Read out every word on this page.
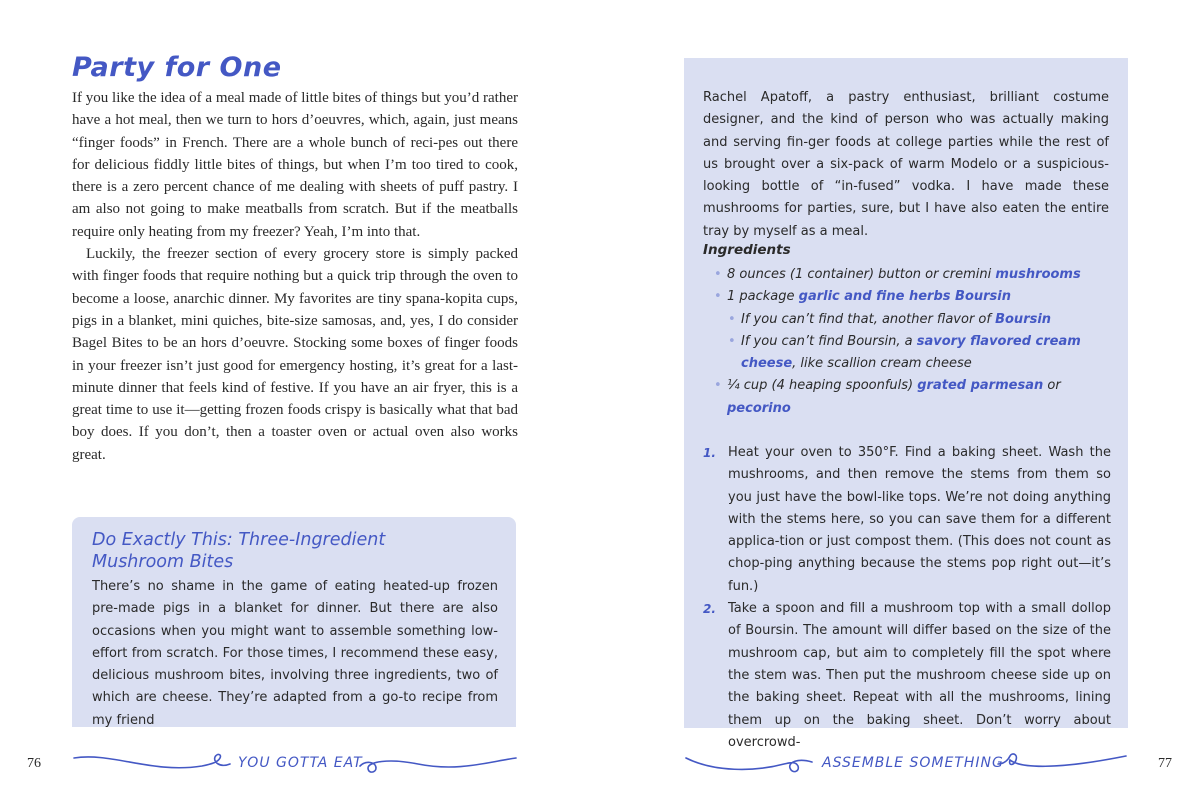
Party for One

If you like the idea of a meal made of little bites of things but you’d rather have a hot meal, then we turn to hors d’oeuvres, which, again, just means “finger foods” in French. There are a whole bunch of reci-pes out there for delicious fiddly little bites of things, but when I’m too tired to cook, there is a zero percent chance of me dealing with sheets of puff pastry. I am also not going to make meatballs from scratch. But if the meatballs require only heating from my freezer? Yeah, I’m into that.

Luckily, the freezer section of every grocery store is simply packed with finger foods that require nothing but a quick trip through the oven to become a loose, anarchic dinner. My favorites are tiny spana-kopita cups, pigs in a blanket, mini quiches, bite-size samosas, and, yes, I do consider Bagel Bites to be an hors d’oeuvre. Stocking some boxes of finger foods in your freezer isn’t just good for emergency hosting, it’s great for a last-minute dinner that feels kind of festive. If you have an air fryer, this is a great time to use it—getting frozen foods crispy is basically what that bad boy does. If you don’t, then a toaster oven or actual oven also works great.

Do Exactly This: Three-Ingredient
Mushroom Bites
There’s no shame in the game of eating heated-up frozen pre-made pigs in a blanket for dinner. But there are also occasions when you might want to assemble something low-effort from scratch. For those times, I recommend these easy, delicious mushroom bites, involving three ingredients, two of which are cheese. They’re adapted from a go-to recipe from my friend
76	YOU GOTTA EAT
Rachel Apatoff, a pastry enthusiast, brilliant costume designer, and the kind of person who was actually making and serving fin-ger foods at college parties while the rest of us brought over a six-pack of warm Modelo or a suspicious-looking bottle of “in-fused” vodka. I have made these mushrooms for parties, sure, but I have also eaten the entire tray by myself as a meal.
Ingredients
• 8 ounces (1 container) button or cremini mushrooms
• 1 package garlic and fine herbs Boursin
• If you can’t find that, another flavor of Boursin
• If you can’t find Boursin, a savory flavored cream cheese, like scallion cream cheese
• ¼ cup (4 heaping spoonfuls) grated parmesan or pecorino
1. Heat your oven to 350°F. Find a baking sheet. Wash the mushrooms, and then remove the stems from them so you just have the bowl-like tops. We’re not doing anything with the stems here, so you can save them for a different applica-tion or just compost them. (This does not count as chop-ping anything because the stems pop right out—it’s fun.)
2. Take a spoon and fill a mushroom top with a small dollop of Boursin. The amount will differ based on the size of the mushroom cap, but aim to completely fill the spot where the stem was. Then put the mushroom cheese side up on the baking sheet. Repeat with all the mushrooms, lining them up on the baking sheet. Don’t worry about overcrowd-
ASSEMBLE SOMETHING	77
